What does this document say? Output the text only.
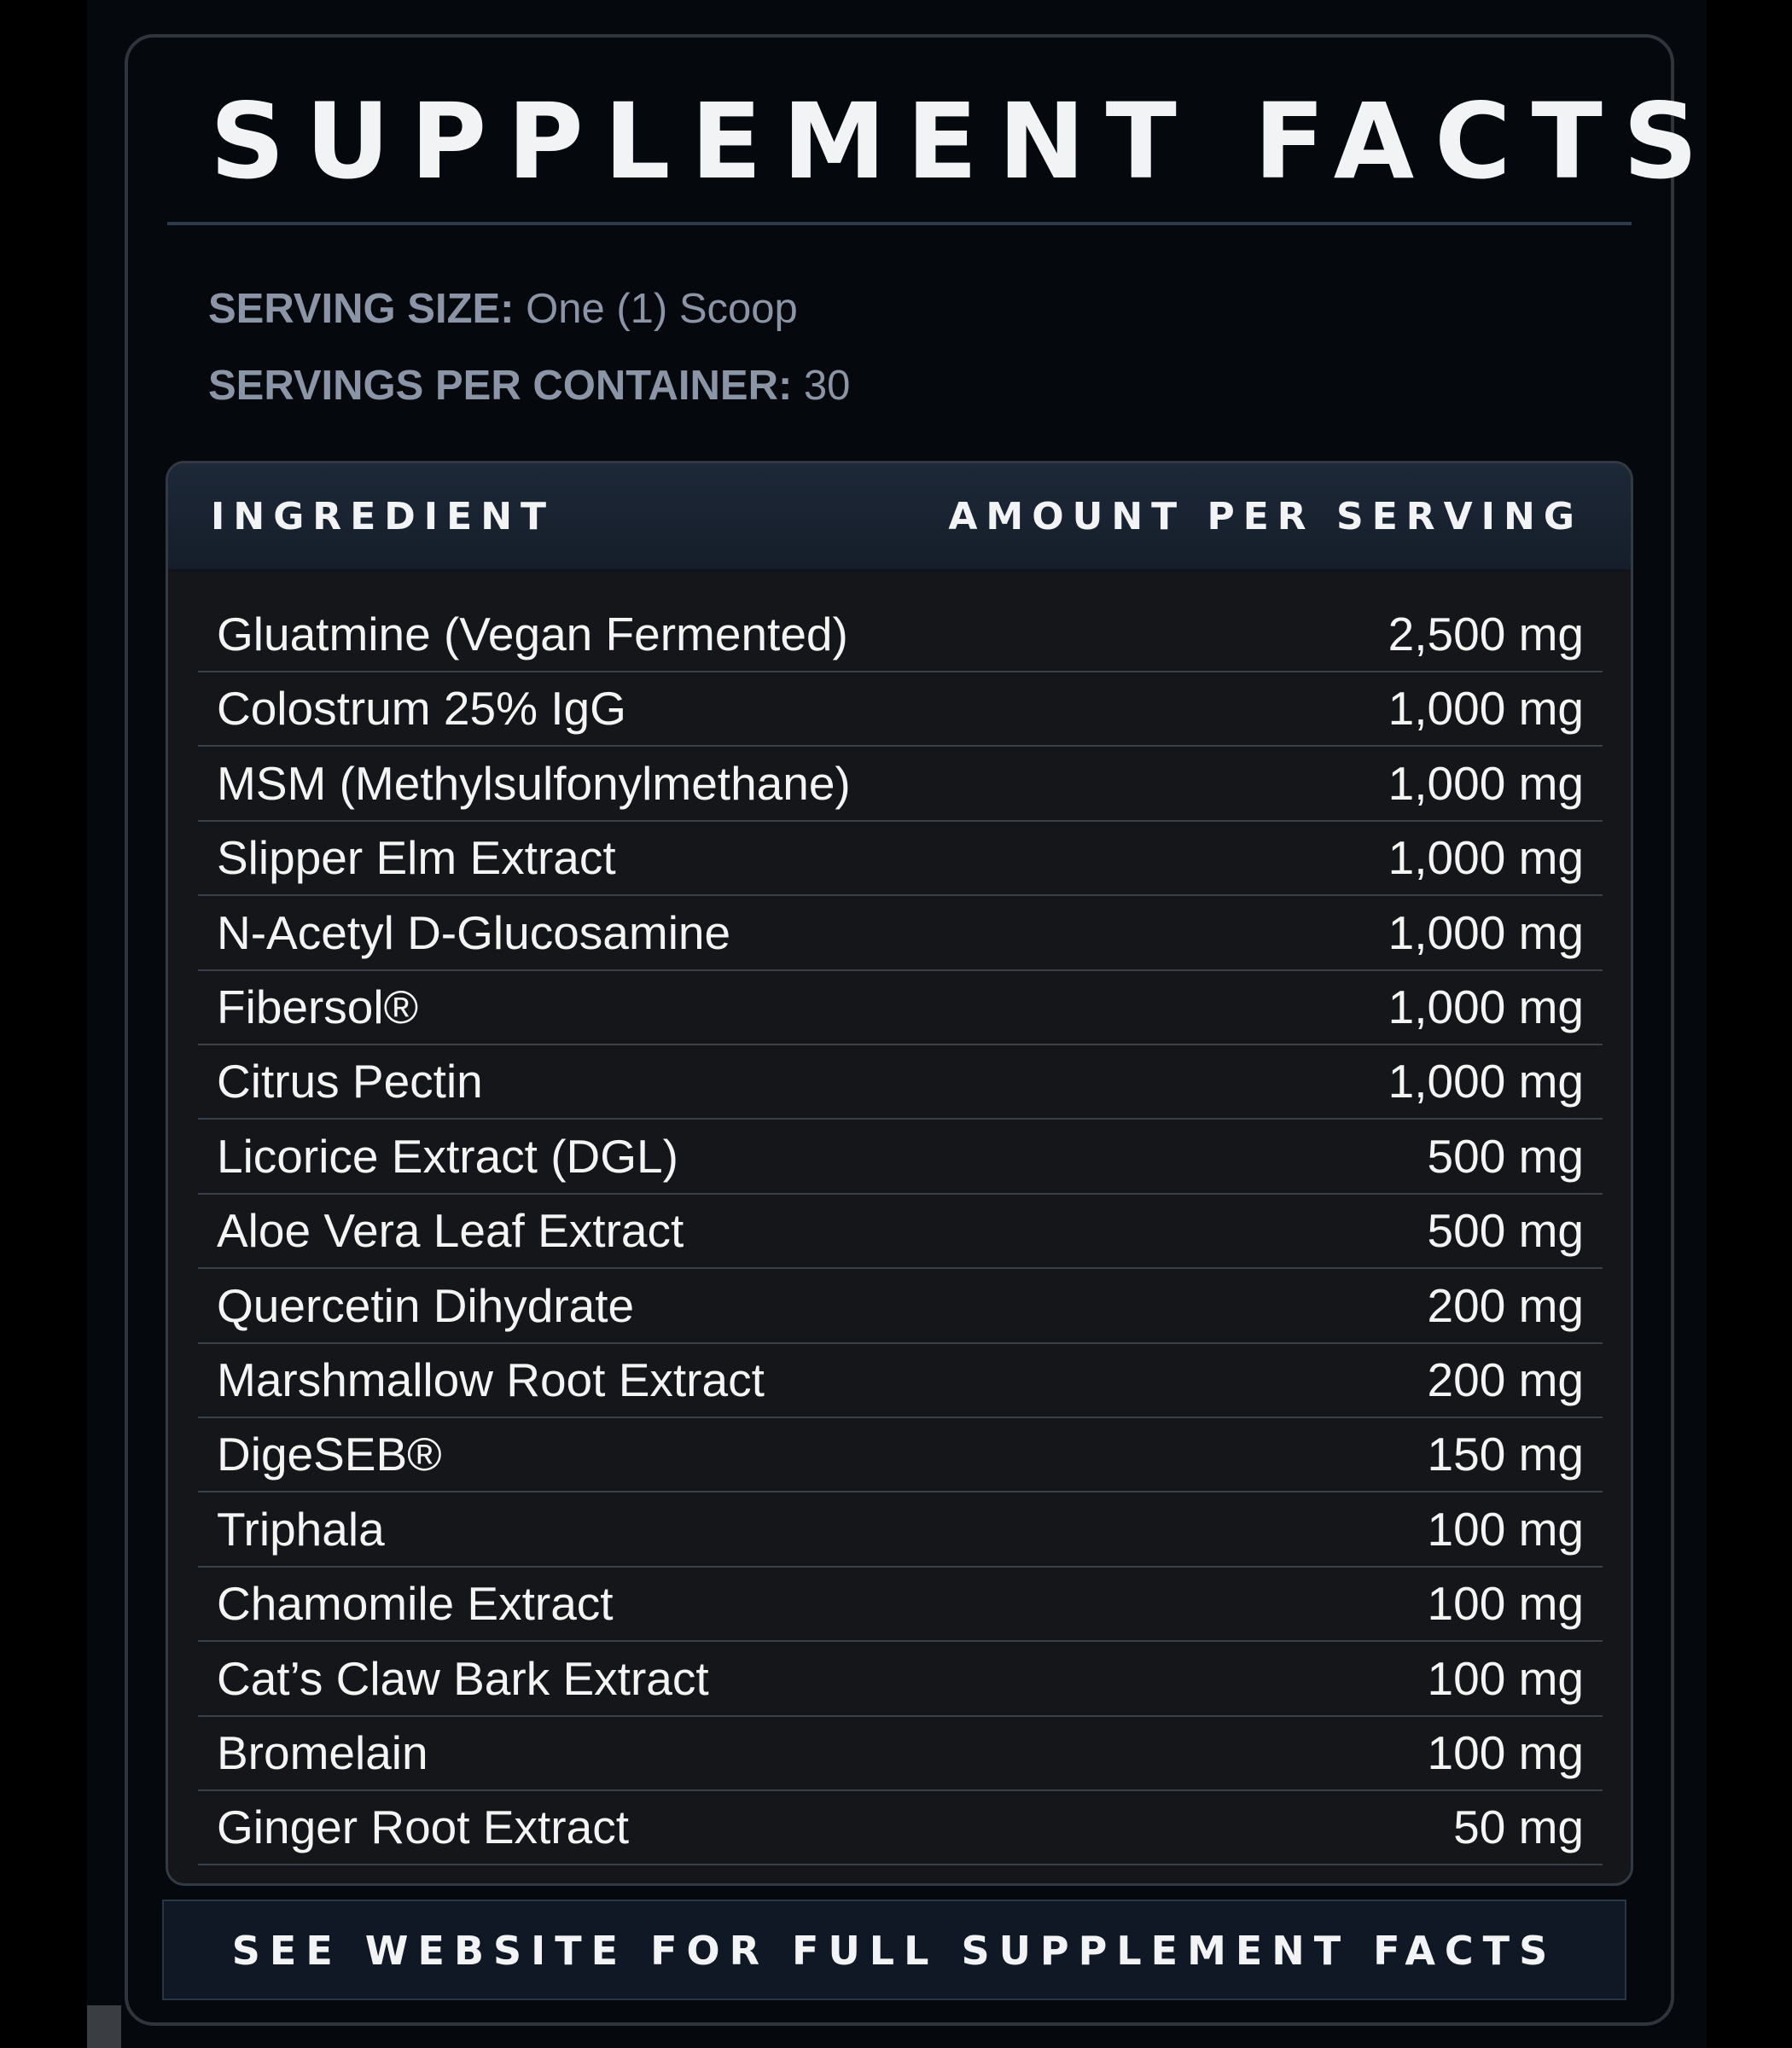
SUPPLEMENT FACTS
SERVING SIZE: One (1) Scoop
SERVINGS PER CONTAINER: 30
INGREDIENT	AMOUNT PER SERVING
Gluatmine (Vegan Fermented)	2,500 mg
Colostrum 25% IgG	1,000 mg
MSM (Methylsulfonylmethane)	1,000 mg
Slipper Elm Extract	1,000 mg
N-Acetyl D-Glucosamine	1,000 mg
Fibersol®	1,000 mg
Citrus Pectin	1,000 mg
Licorice Extract (DGL)	500 mg
Aloe Vera Leaf Extract	500 mg
Quercetin Dihydrate	200 mg
Marshmallow Root Extract	200 mg
DigeSEB®	150 mg
Triphala	100 mg
Chamomile Extract	100 mg
Cat’s Claw Bark Extract	100 mg
Bromelain	100 mg
Ginger Root Extract	50 mg
SEE WEBSITE FOR FULL SUPPLEMENT FACTS
